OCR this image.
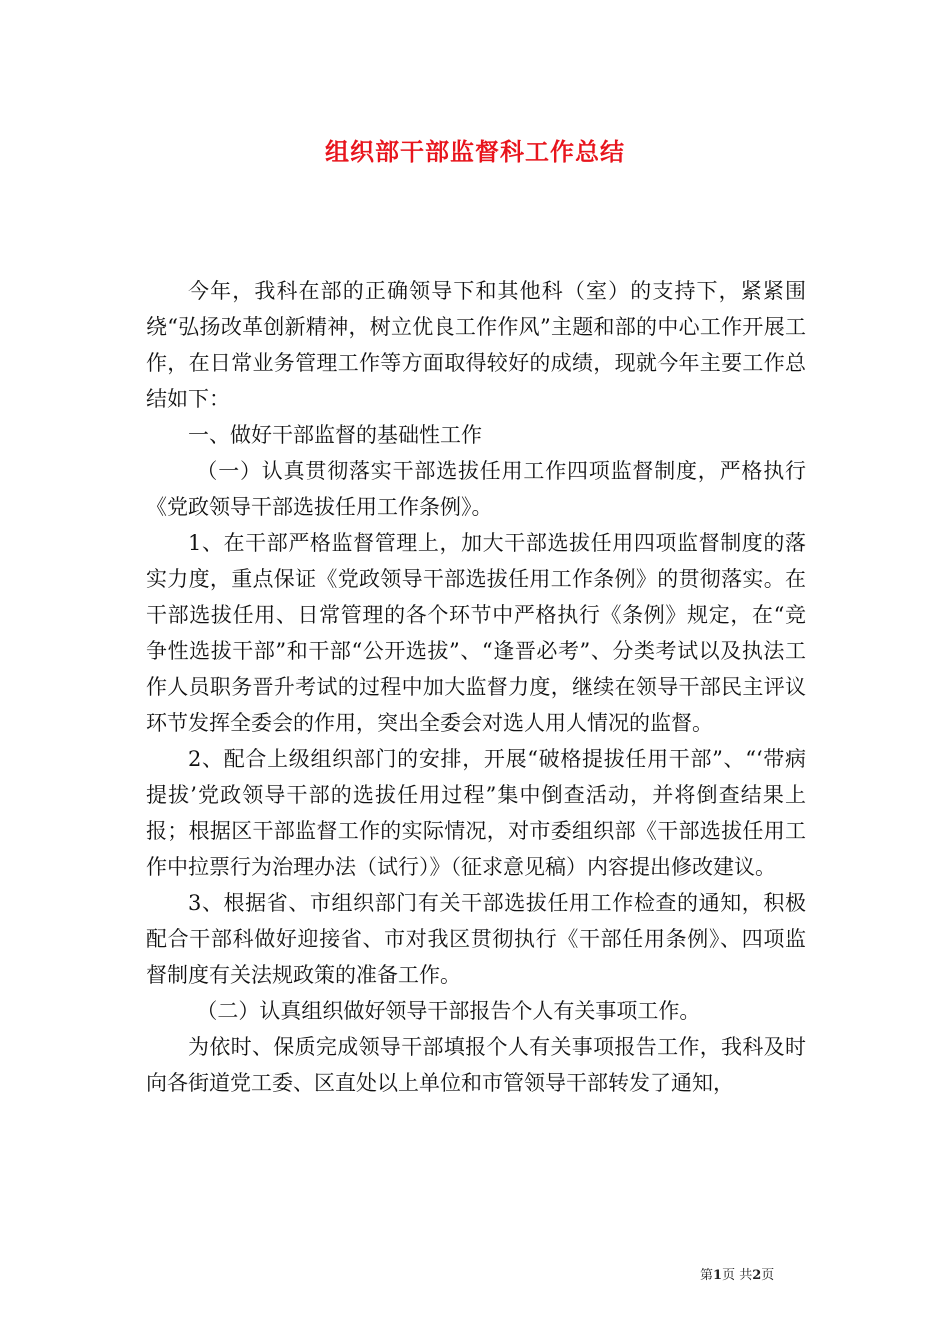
组织部干部监督科工作总结

今年，我科在部的正确领导下和其他科（室）的支持下，紧紧围绕“弘扬改革创新精神，树立优良工作作风”主题和部的中心工作开展工作，在日常业务管理工作等方面取得较好的成绩，现就今年主要工作总结如下：

一、做好干部监督的基础性工作

（一）认真贯彻落实干部选拔任用工作四项监督制度，严格执行《党政领导干部选拔任用工作条例》。

1、在干部严格监督管理上，加大干部选拔任用四项监督制度的落实力度，重点保证《党政领导干部选拔任用工作条例》的贯彻落实。在干部选拔任用、日常管理的各个环节中严格执行《条例》规定，在“竞争性选拔干部”和干部“公开选拔”、“逢晋必考”、分类考试以及执法工作人员职务晋升考试的过程中加大监督力度，继续在领导干部民主评议环节发挥全委会的作用，突出全委会对选人用人情况的监督。

2、配合上级组织部门的安排，开展“破格提拔任用干部”、“‘带病提拔’党政领导干部的选拔任用过程”集中倒查活动，并将倒查结果上报；根据区干部监督工作的实际情况，对市委组织部《干部选拔任用工作中拉票行为治理办法（试行）》（征求意见稿）内容提出修改建议。

3、根据省、市组织部门有关干部选拔任用工作检查的通知，积极配合干部科做好迎接省、市对我区贯彻执行《干部任用条例》、四项监督制度有关法规政策的准备工作。

（二）认真组织做好领导干部报告个人有关事项工作。

为依时、保质完成领导干部填报个人有关事项报告工作，我科及时向各街道党工委、区直处以上单位和市管领导干部转发了通知，

第1页 共2页
